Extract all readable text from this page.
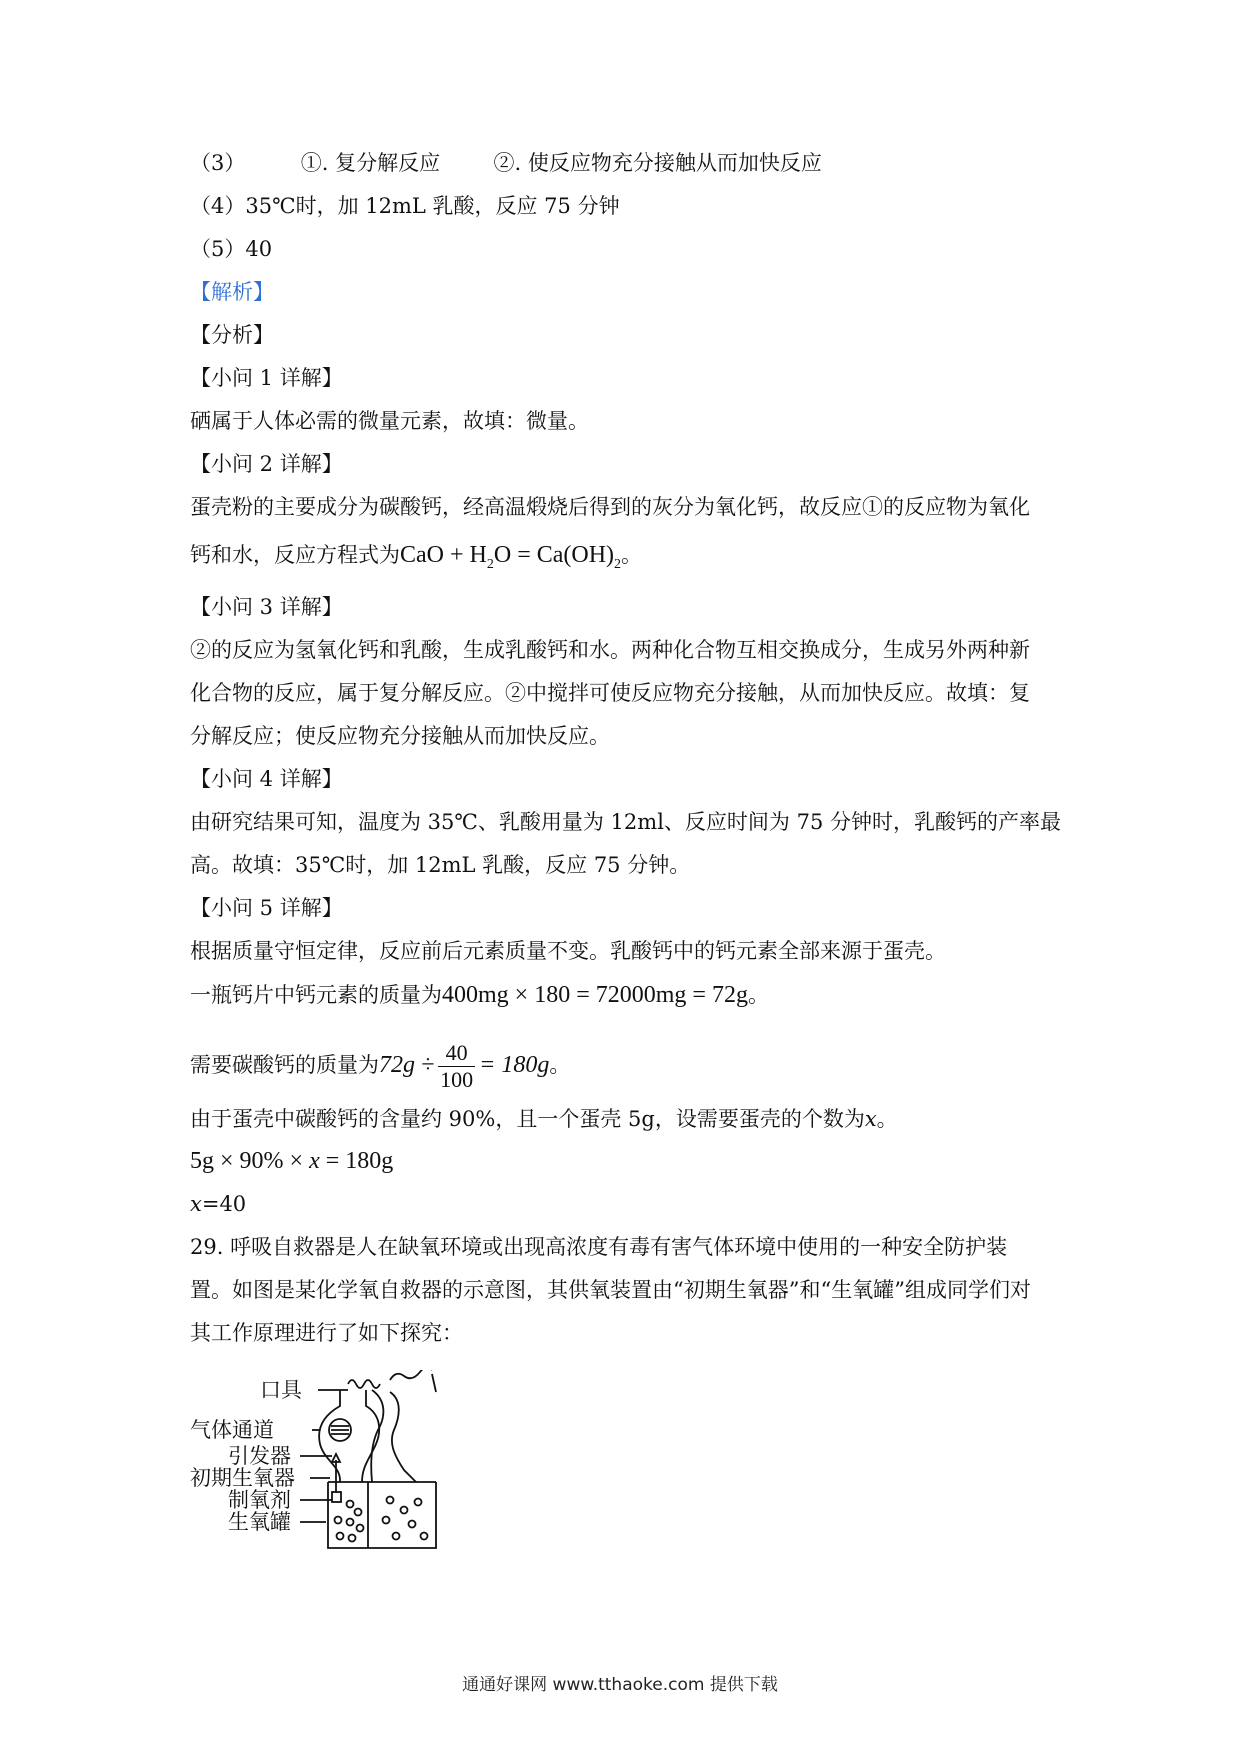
（3）	①. 复分解反应	②. 使反应物充分接触从而加快反应
（4）35℃时，加 12mL 乳酸，反应 75 分钟
（5）40
【解析】
【分析】
【小问 1 详解】
硒属于人体必需的微量元素，故填：微量。
【小问 2 详解】
蛋壳粉的主要成分为碳酸钙，经高温煅烧后得到的灰分为氧化钙，故反应①的反应物为氧化
钙和水，反应方程式为CaO + $H_2O = Ca(OH)_2$。
【小问 3 详解】
②的反应为氢氧化钙和乳酸，生成乳酸钙和水。两种化合物互相交换成分，生成另外两种新
化合物的反应，属于复分解反应。②中搅拌可使反应物充分接触，从而加快反应。故填：复
分解反应；使反应物充分接触从而加快反应。
【小问 4 详解】
由研究结果可知，温度为 35℃、乳酸用量为 12ml、反应时间为 75 分钟时，乳酸钙的产率最
高。故填：35℃时，加 12mL 乳酸，反应 75 分钟。
【小问 5 详解】
根据质量守恒定律，反应前后元素质量不变。乳酸钙中的钙元素全部来源于蛋壳。
一瓶钙片中钙元素的质量为400mg × 180 = 72000mg = 72g。
需要碳酸钙的质量为$72g \div \frac{40}{100} = 180g$。
由于蛋壳中碳酸钙的含量约 90%，且一个蛋壳 5g，设需要蛋壳的个数为x。
5g × 90% × x = 180g
x=40
29. 呼吸自救器是人在缺氧环境或出现高浓度有毒有害气体环境中使用的一种安全防护装
置。如图是某化学氧自救器的示意图，其供氧装置由“初期生氧器”和“生氧罐”组成同学们对
其工作原理进行了如下探究：
口具
气体通道
引发器
初期生氧器
制氧剂
生氧罐
通通好课网 www.tthaoke.com 提供下载
